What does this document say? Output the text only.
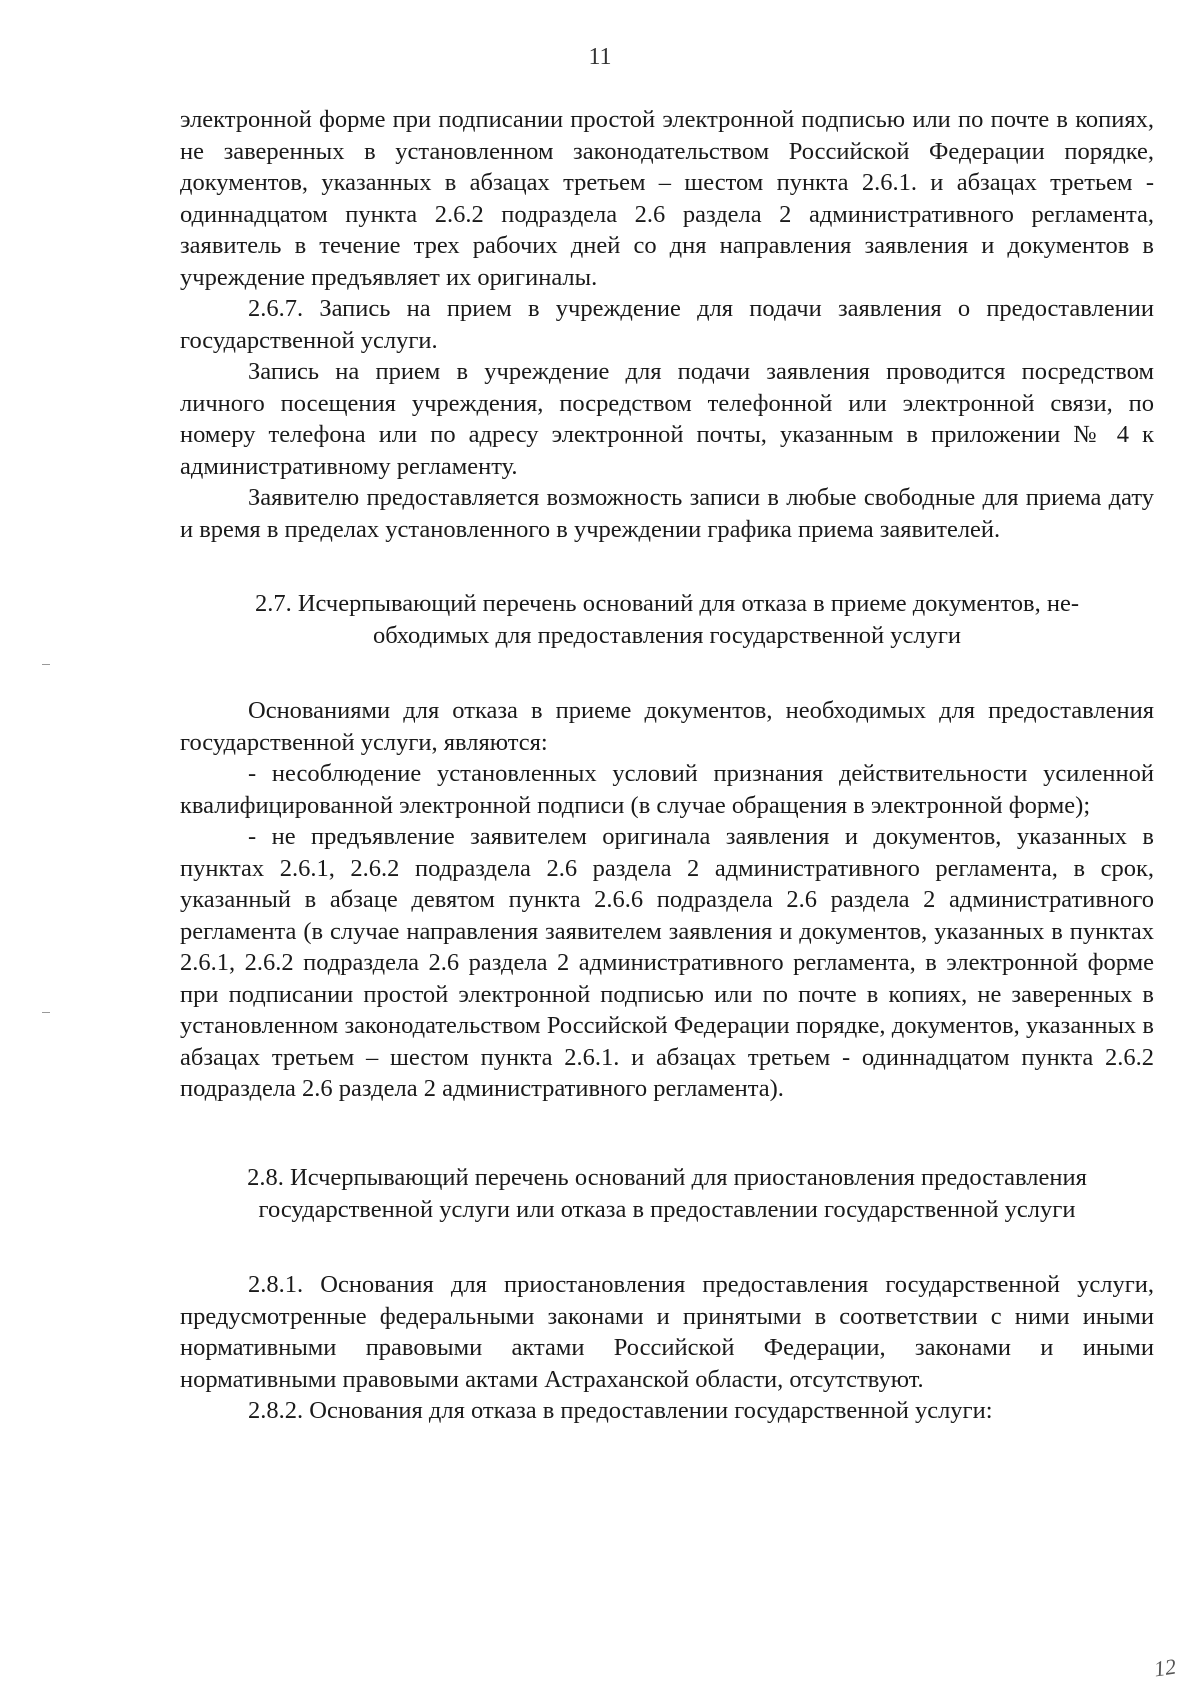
11

электронной форме при подписании простой электронной подписью или по почте в копиях, не заверенных в установленном законодательством Российской Федерации порядке, документов, указанных в абзацах третьем – шестом пункта 2.6.1. и абзацах третьем - одиннадцатом пункта 2.6.2 подраздела 2.6 раздела 2 административного регламента, заявитель в течение трех рабочих дней со дня направления заявления и документов в учреждение предъявляет их оригиналы.

2.6.7. Запись на прием в учреждение для подачи заявления о предоставлении государственной услуги.

Запись на прием в учреждение для подачи заявления проводится посредством личного посещения учреждения, посредством телефонной или электронной связи, по номеру телефона или по адресу электронной почты, указанным в приложении № 4 к административному регламенту.

Заявителю предоставляется возможность записи в любые свободные для приема дату и время в пределах установленного в учреждении графика приема заявителей.

2.7. Исчерпывающий перечень оснований для отказа в приеме документов, не-

обходимых для предоставления государственной услуги

Основаниями для отказа в приеме документов, необходимых для предоставления государственной услуги, являются:

- несоблюдение установленных условий признания действительности усиленной квалифицированной электронной подписи (в случае обращения в электронной форме);

- не предъявление заявителем оригинала заявления и документов, указанных в пунктах 2.6.1, 2.6.2 подраздела 2.6 раздела 2 административного регламента, в срок, указанный в абзаце девятом пункта 2.6.6 подраздела 2.6 раздела 2 административного регламента (в случае направления заявителем заявления и документов, указанных в пунктах 2.6.1, 2.6.2 подраздела 2.6 раздела 2 административного регламента, в электронной форме при подписании простой электронной подписью или по почте в копиях, не заверенных в установленном законодательством Российской Федерации порядке, документов, указанных в абзацах третьем – шестом пункта 2.6.1. и абзацах третьем - одиннадцатом пункта 2.6.2 подраздела 2.6 раздела 2 административного регламента).

2.8. Исчерпывающий перечень оснований для приостановления предоставления

государственной услуги или отказа в предоставлении государственной услуги

2.8.1. Основания для приостановления предоставления государственной услуги, предусмотренные федеральными законами и принятыми в соответствии с ними иными нормативными правовыми актами Российской Федерации, законами и иными нормативными правовыми актами Астраханской области, отсутствуют.

2.8.2. Основания для отказа в предоставлении государственной услуги:

12
